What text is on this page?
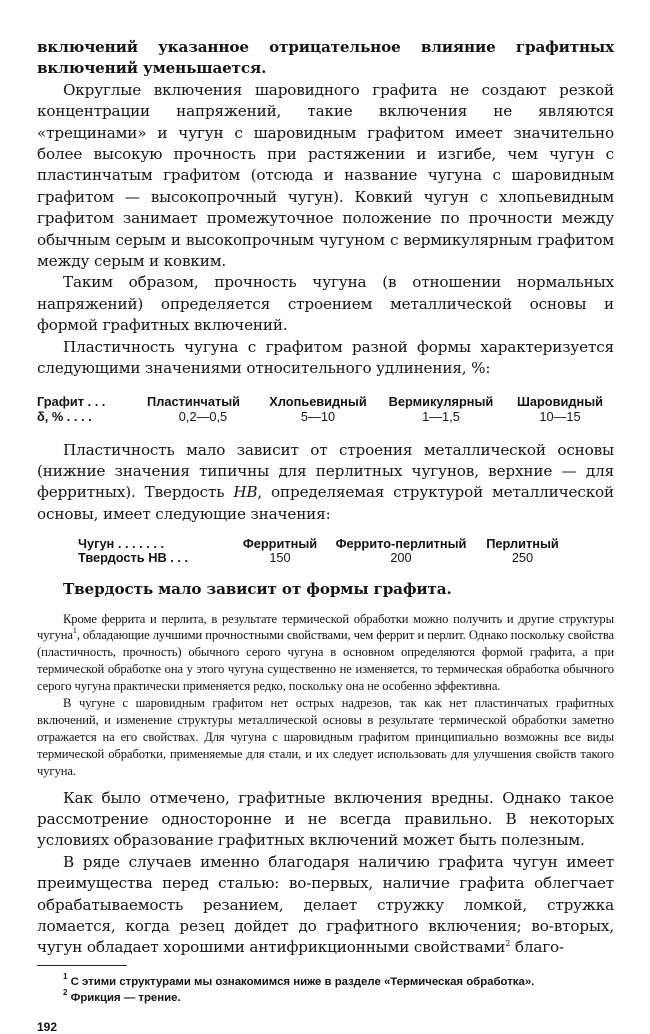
включений указанное отрицательное влияние графитных включений уменьшается.

Округлые включения шаровидного графита не создают резкой концентрации напряжений, такие включения не являются «трещинами» и чугун с шаровидным графитом имеет значительно более высокую прочность при растяжении и изгибе, чем чугун с пластинчатым графитом (отсюда и название чугуна с шаровидным графитом — высокопрочный чугун). Ковкий чугун с хлопьевидным графитом занимает промежуточное положение по прочности между обычным серым и высокопрочным чугуном с вермикулярным графитом между серым и ковким.

Таким образом, прочность чугуна (в отношении нормальных напряжений) определяется строением металлической основы и формой графитных включений.

Пластичность чугуна с графитом разной формы характеризуется следующими значениями относительного удлинения, %:

Графит . . .	Пластинчатый	Хлопьевидный	Вермикулярный	Шаровидный
δ, % . . . .	0,2—0,5	5—10	1—1,5	10—15

Пластичность мало зависит от строения металлической основы (нижние значения типичны для перлитных чугунов, верхние — для ферритных). Твердость HB, определяемая структурой металлической основы, имеет следующие значения:

Чугун . . . . . . .	Ферритный	Феррито-перлитный	Перлитный
Твердость НВ . . .	150	200	250

Твердость мало зависит от формы графита.

Кроме феррита и перлита, в результате термической обработки можно получить и другие структуры чугуна$^1$, обладающие лучшими прочностными свойствами, чем феррит и перлит. Однако поскольку свойства (пластичность, прочность) обычного серого чугуна в основном определяются формой графита, а при термической обработке она у этого чугуна существенно не изменяется, то термическая обработка обычного серого чугуна практически применяется редко, поскольку она не особенно эффективна.

В чугуне с шаровидным графитом нет острых надрезов, так как нет пластинчатых графитных включений, и изменение структуры металлической основы в результате термической обработки заметно отражается на его свойствах. Для чугуна с шаровидным графитом принципиально возможны все виды термической обработки, применяемые для стали, и их следует использовать для улучшения свойств такого чугуна.

Как было отмечено, графитные включения вредны. Однако такое рассмотрение односторонне и не всегда правильно. В некоторых условиях образование графитных включений может быть полезным.

В ряде случаев именно благодаря наличию графита чугун имеет преимущества перед сталью: во-первых, наличие графита облегчает обрабатываемость резанием, делает стружку ломкой, стружка ломается, когда резец дойдет до графитного включения; во-вторых, чугун обладает хорошими антифрикционными свойствами$^2$ благо-

$^1$ С этими структурами мы ознакомимся ниже в разделе «Термическая обработка».
$^2$ Фрикция — трение.
192
